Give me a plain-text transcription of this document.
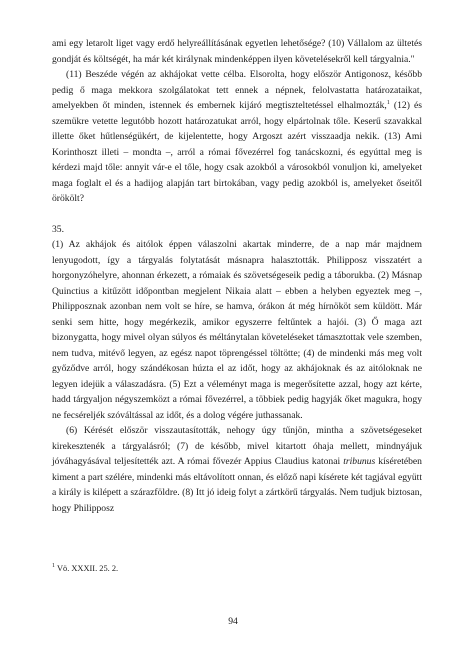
ami egy letarolt liget vagy erdő helyreállításának egyetlen lehetősége? (10) Vállalom az ültetés gondját és költségét, ha már két királynak mindenképpen ilyen követelésekről kell tárgyalnia."

(11) Beszéde végén az akhájokat vette célba. Elsorolta, hogy először Antigonosz, később pedig ő maga mekkora szolgálatokat tett ennek a népnek, felolvastatta határozataikat, amelyekben őt minden, istennek és embernek kijáró megtiszteltetéssel elhalmozták,$^1$ (12) és szemükre vetette legutóbb hozott határozatukat arról, hogy elpártolnak tőle. Keserű szavakkal illette őket hűtlenségükért, de kijelentette, hogy Argoszt azért visszaadja nekik. (13) Ami Korinthoszt illeti – mondta –, arról a római fővezérrel fog tanácskozni, és egyúttal meg is kérdezi majd tőle: annyit vár-e el tőle, hogy csak azokból a városokból vonuljon ki, amelyeket maga foglalt el és a hadijog alapján tart birtokában, vagy pedig azokból is, amelyeket őseitől örökölt?

35.

(1) Az akhájok és aitólok éppen válaszolni akartak minderre, de a nap már majdnem lenyugodott, így a tárgyalás folytatását másnapra halasztották. Philipposz visszatért a horgonyzóhelyre, ahonnan érkezett, a rómaiak és szövetségeseik pedig a táborukba. (2) Másnap Quinctius a kitűzött időpontban megjelent Nikaia alatt – ebben a helyben egyeztek meg –, Philipposznak azonban nem volt se híre, se hamva, órákon át még hírnököt sem küldött. Már senki sem hitte, hogy megérkezik, amikor egyszerre feltűntek a hajói. (3) Ő maga azt bizonygatta, hogy mivel olyan súlyos és méltánytalan követeléseket támasztottak vele szemben, nem tudva, mitévő legyen, az egész napot töprengéssel töltötte; (4) de mindenki más meg volt győződve arról, hogy szándékosan húzta el az időt, hogy az akhájoknak és az aitóloknak ne legyen idejük a válaszadásra. (5) Ezt a véleményt maga is megerősítette azzal, hogy azt kérte, hadd tárgyaljon négyszemközt a római fővezérrel, a többiek pedig hagyják őket magukra, hogy ne fecséreljék szóváltással az időt, és a dolog végére juthassanak.

(6) Kérését először visszautasították, nehogy úgy tűnjön, mintha a szövetségeseket kirekesztenék a tárgyalásról; (7) de később, mivel kitartott óhaja mellett, mindnyájuk jóváhagyásával teljesítették azt. A római fővezér Appius Claudius katonai tribunus kíséretében kiment a part szélére, mindenki más eltávolított onnan, és előző napi kísérete két tagjával együtt a király is kilépett a szárazföldre. (8) Itt jó ideig folyt a zártkörű tárgyalás. Nem tudjuk biztosan, hogy Philipposz

$^1$ Vö. XXXII. 25. 2.
94
